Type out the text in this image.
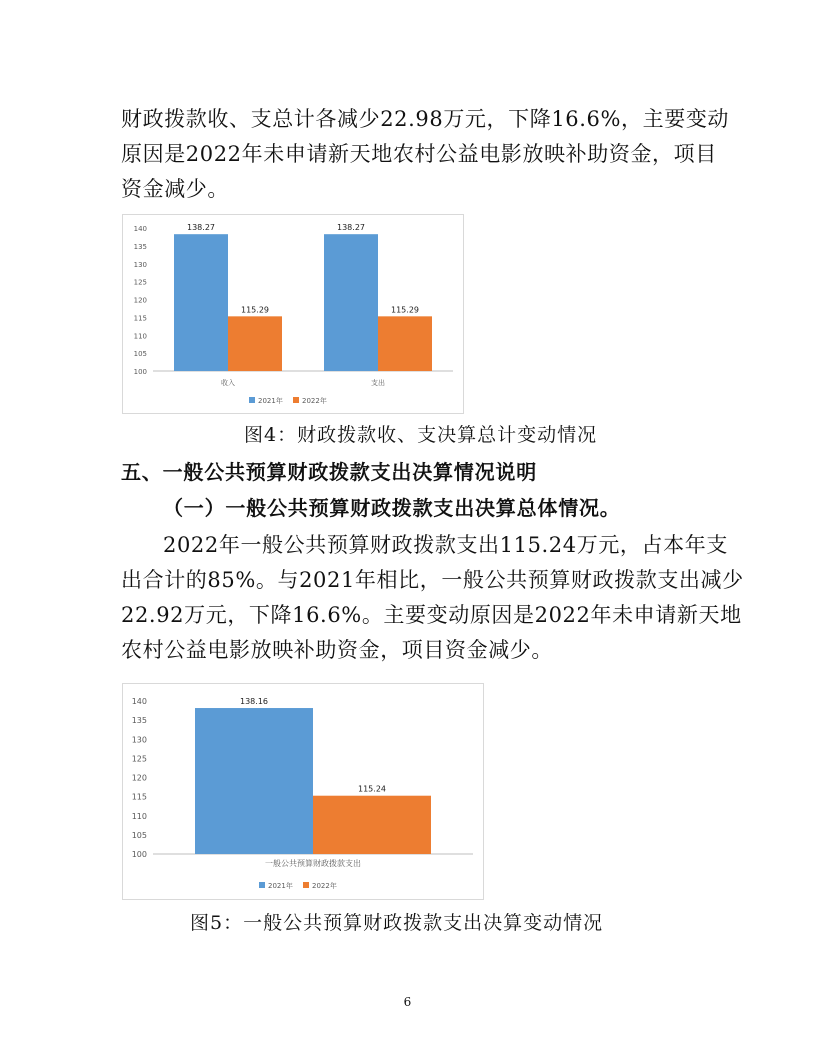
财政拨款收、支总计各减少22.98万元，下降16.6%，主要变动
原因是2022年未申请新天地农村公益电影放映补助资金，项目
资金减少。
100
105
110
115
120
125
130
135
140	138.27
115.29
收入
138.27
115.29
支出
2021年	2022年
图4：财政拨款收、支决算总计变动情况
五、一般公共预算财政拨款支出决算情况说明
（一）一般公共预算财政拨款支出决算总体情况。
2022年一般公共预算财政拨款支出115.24万元，占本年支
出合计的85%。与2021年相比，一般公共预算财政拨款支出减少
22.92万元，下降16.6%。主要变动原因是2022年未申请新天地
农村公益电影放映补助资金，项目资金减少。
100
105
110
115
120
125
130
135
140	138.16
115.24
一般公共预算财政拨款支出
2021年	2022年
图5：一般公共预算财政拨款支出决算变动情况
6
